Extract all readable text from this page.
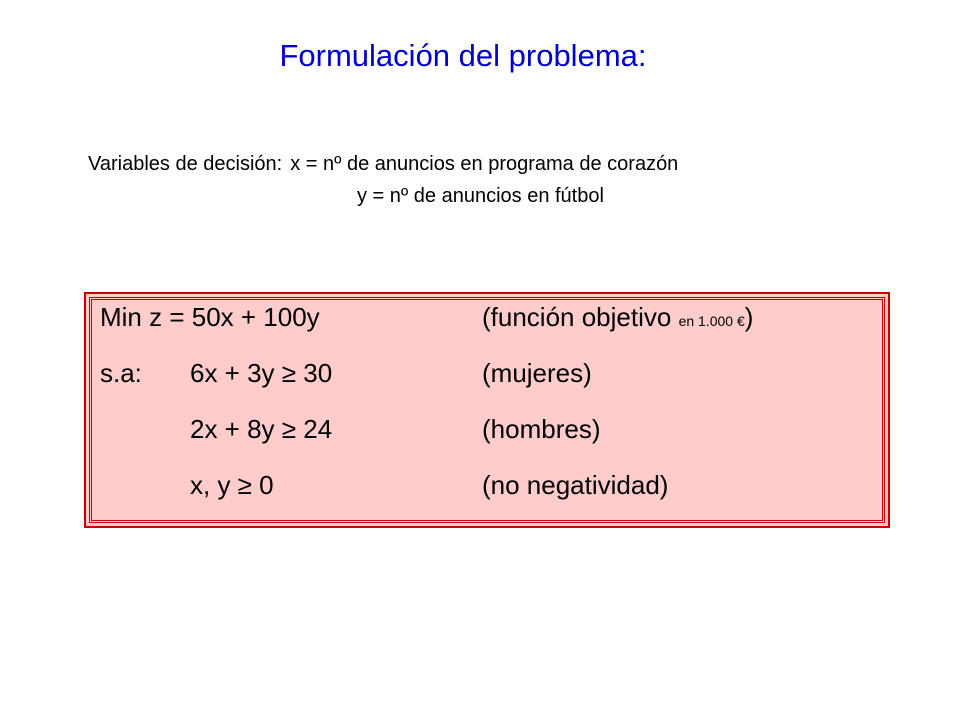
Formulación del problema:
Variables de decisión: x = nº de anuncios en programa de corazón
y = nº de anuncios en fútbol
Min z = 50x + 100y	(función objetivo en 1.000 €)
s.a: 6x + 3y ≥ 30	(mujeres)
2x + 8y ≥ 24	(hombres)
x, y ≥ 0	(no negatividad)
